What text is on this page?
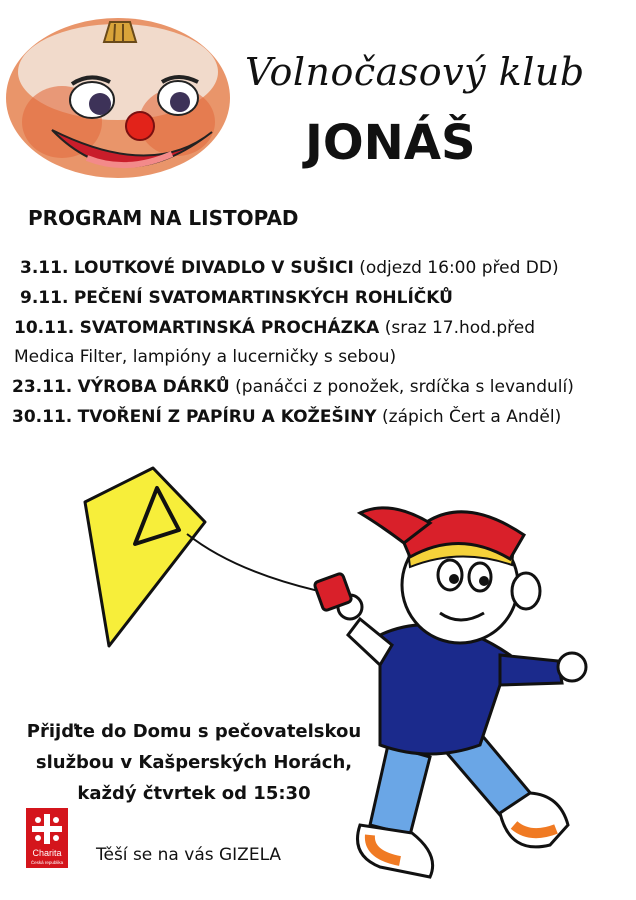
Volnočasový klub
JONÁŠ
PROGRAM NA LISTOPAD
3.11. LOUTKOVÉ DIVADLO V SUŠICI (odjezd 16:00 před DD)
9.11. PEČENÍ SVATOMARTINSKÝCH ROHLÍČKŮ
10.11. SVATOMARTINSKÁ PROCHÁZKA (sraz 17.hod.před
Medica Filter, lampióny a lucerničky s sebou)
23.11. VÝROBA DÁRKŮ (panáčci z ponožek, srdíčka s levandulí)
30.11. TVOŘENÍ Z PAPÍRU A KOŽEŠINY (zápich Čert a Anděl)
Přijďte do Domu s pečovatelskou
službou v Kašperských Horách,
každý čtvrtek od 15:30
Charita
Česká republika Těší se na vás GIZELA
